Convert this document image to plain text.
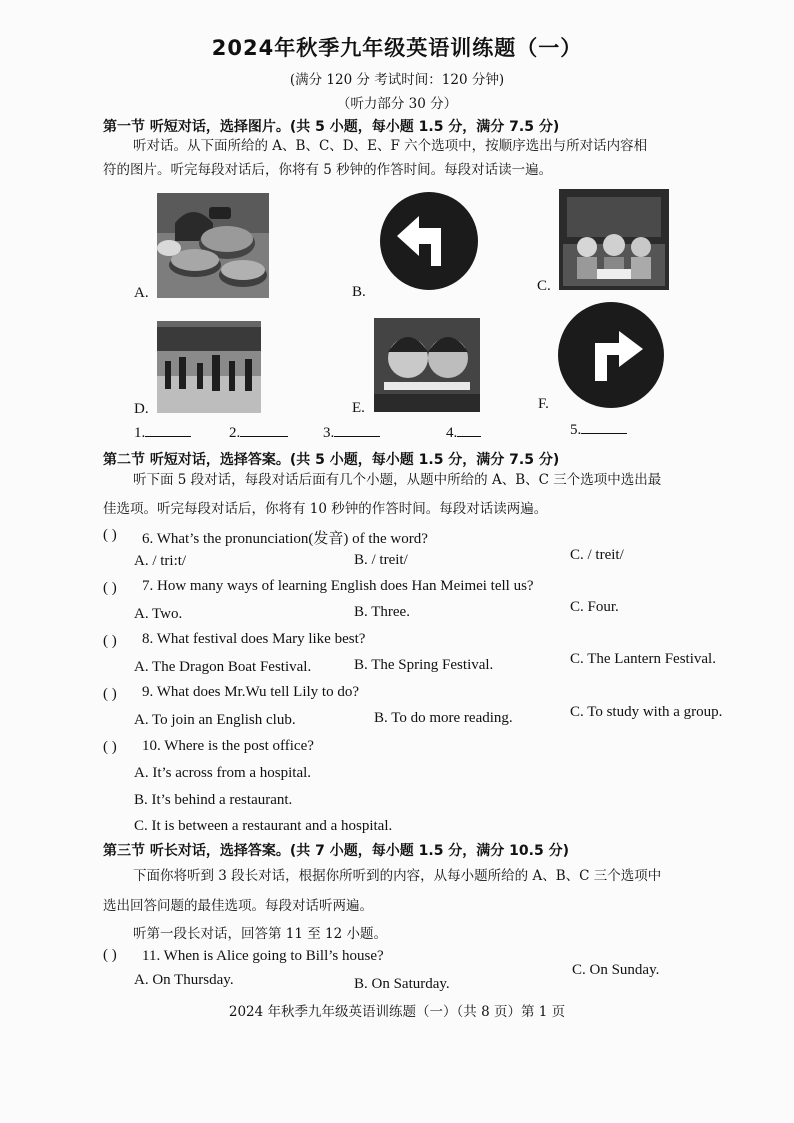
2024年秋季九年级英语训练题（一）
(满分 120 分 考试时间：120 分钟)
（听力部分 30 分）
第一节 听短对话，选择图片。(共 5 小题，每小题 1.5 分，满分 7.5 分)
听对话。从下面所给的 A、B、C、D、E、F 六个选项中，按顺序选出与所对话内容相
符的图片。听完每段对话后，你将有 5 秒钟的作答时间。每段对话读一遍。
A.	B.	C.
D.	E.	F.
1.	2.	3.	4.	5.
第二节 听短对话，选择答案。(共 5 小题，每小题 1.5 分，满分 7.5 分)
听下面 5 段对话，每段对话后面有几个小题，从题中所给的 A、B、C 三个选项中选出最
佳选项。听完每段对话后，你将有 10 秒钟的作答时间。每段对话读两遍。
( ) 6. What’s the pronunciation(发音) of the word?
A. / tri:t/	B. / treit/	C. / treit/
( ) 7. How many ways of learning English does Han Meimei tell us?
A. Two.	B. Three.	C. Four.
( ) 8. What festival does Mary like best?
A. The Dragon Boat Festival.	B. The Spring Festival.	C. The Lantern Festival.
( ) 9. What does Mr.Wu tell Lily to do?
A. To join an English club.	B. To do more reading.	C. To study with a group.
( ) 10. Where is the post office?
A. It’s across from a hospital.
B. It’s behind a restaurant.
C. It is between a restaurant and a hospital.
第三节 听长对话，选择答案。(共 7 小题，每小题 1.5 分，满分 10.5 分)
下面你将听到 3 段长对话，根据你所听到的内容，从每小题所给的 A、B、C 三个选项中
选出回答问题的最佳选项。每段对话听两遍。
听第一段长对话，回答第 11 至 12 小题。
( ) 11. When is Alice going to Bill’s house?
A. On Thursday.	B. On Saturday.
C. On Sunday.
2024 年秋季九年级英语训练题（一）（共 8 页）第 1 页
